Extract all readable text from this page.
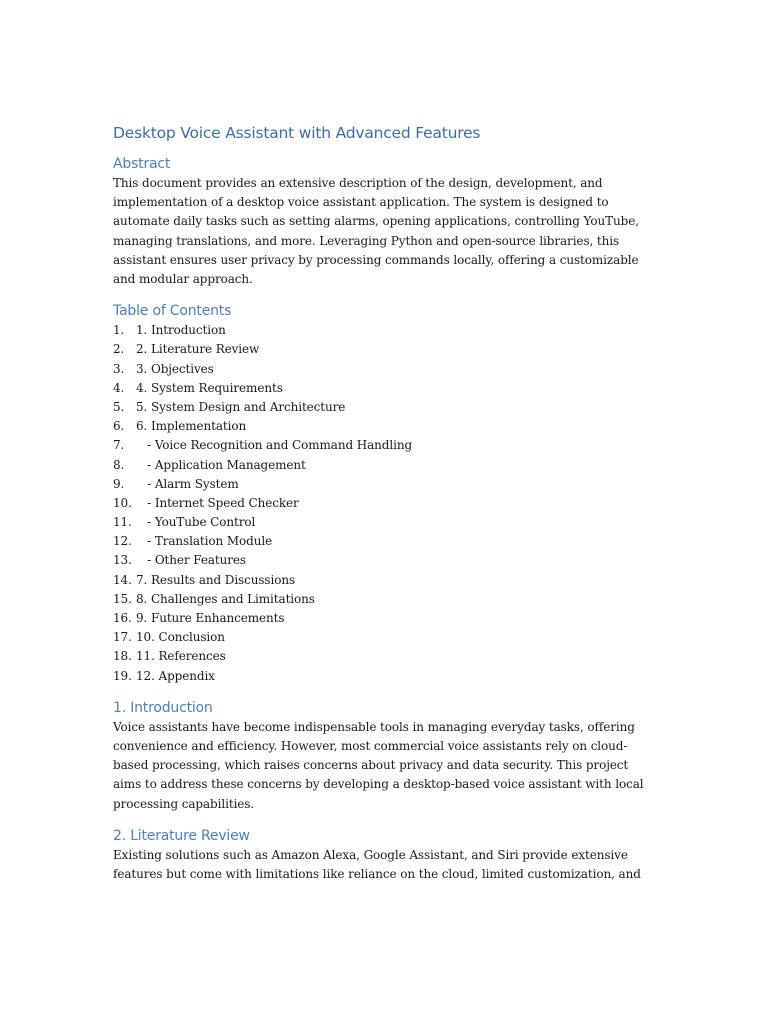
Desktop Voice Assistant with Advanced Features
Abstract

This document provides an extensive description of the design, development, and implementation of a desktop voice assistant application. The system is designed to automate daily tasks such as setting alarms, opening applications, controlling YouTube, managing translations, and more. Leveraging Python and open-source libraries, this assistant ensures user privacy by processing commands locally, offering a customizable and modular approach.

Table of Contents
1. 1. Introduction
2. 2. Literature Review
3. 3. Objectives
4. 4. System Requirements
5. 5. System Design and Architecture
6. 6. Implementation
7. - Voice Recognition and Command Handling
8. - Application Management
9. - Alarm System
10. - Internet Speed Checker
11. - YouTube Control
12. - Translation Module
13. - Other Features
14. 7. Results and Discussions
15. 8. Challenges and Limitations
16. 9. Future Enhancements
17. 10. Conclusion
18. 11. References
19. 12. Appendix
1. Introduction

Voice assistants have become indispensable tools in managing everyday tasks, offering convenience and efficiency. However, most commercial voice assistants rely on cloud-based processing, which raises concerns about privacy and data security. This project aims to address these concerns by developing a desktop-based voice assistant with local processing capabilities.

2. Literature Review

Existing solutions such as Amazon Alexa, Google Assistant, and Siri provide extensive features but come with limitations like reliance on the cloud, limited customization, and
